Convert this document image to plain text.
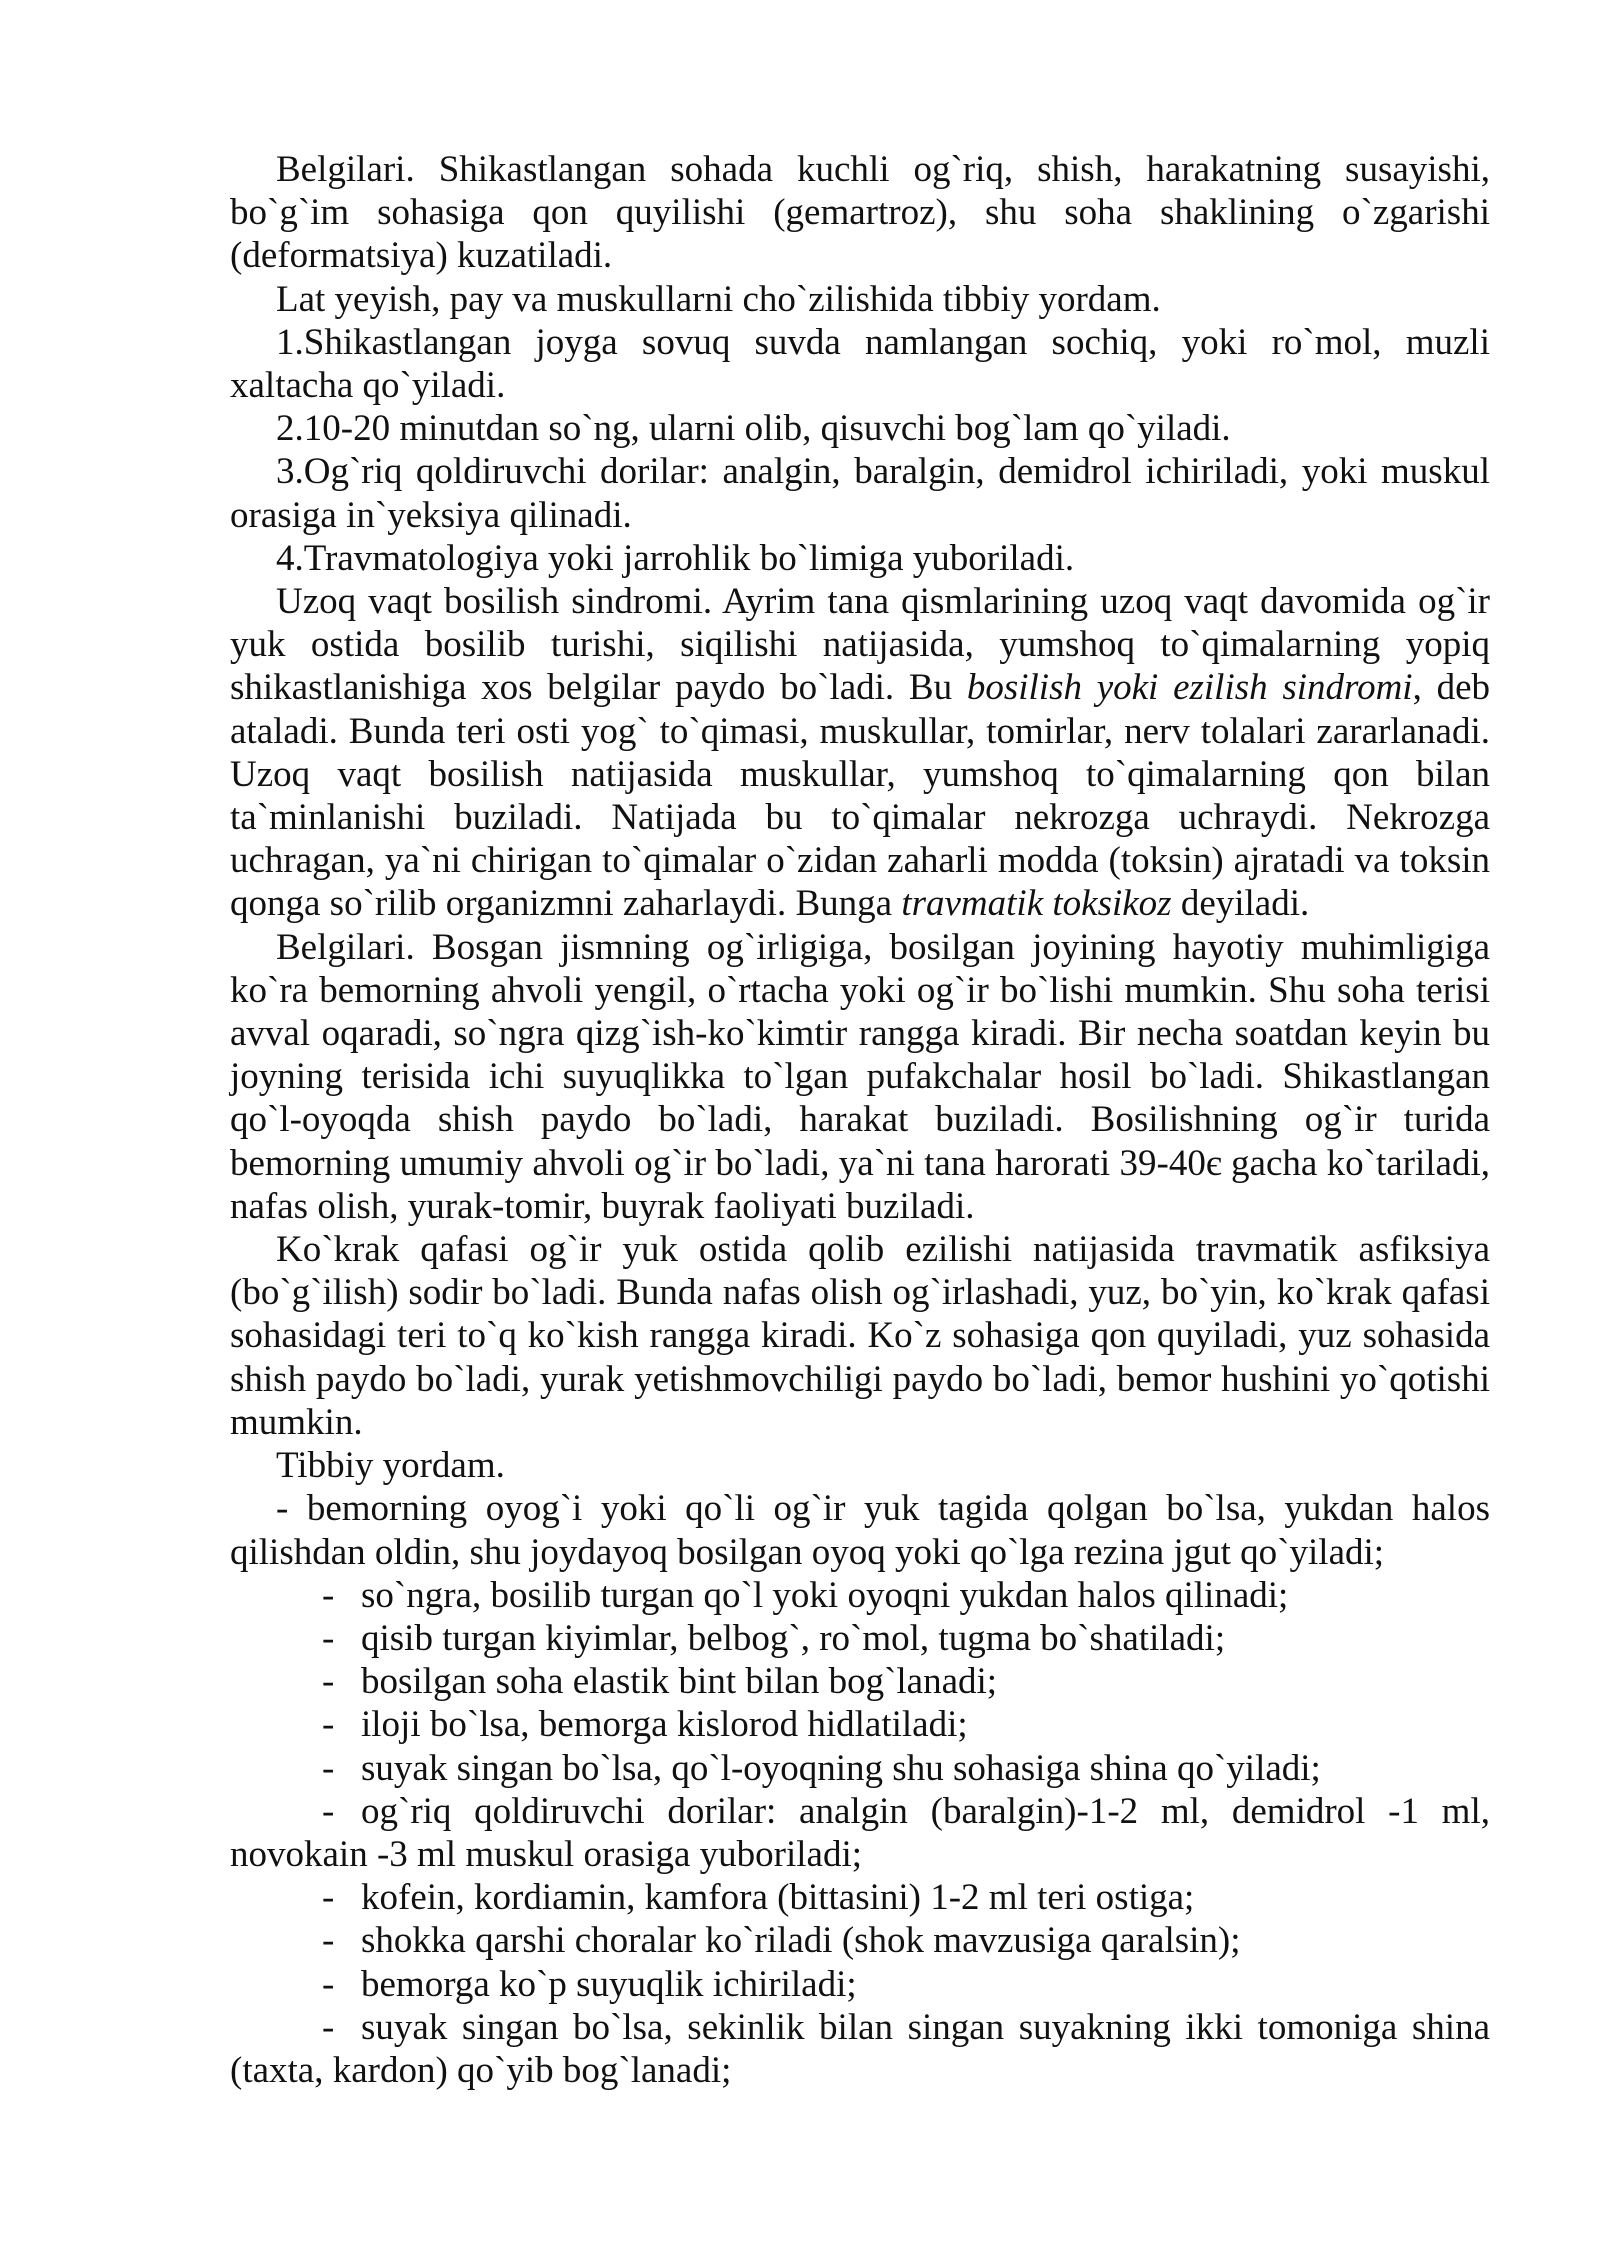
Belgilari. Shikastlangan sohada kuchli og`riq, shish, harakatning susayishi, bo`g`im sohasiga qon quyilishi (gemartroz), shu soha shaklining o`zgarishi (deformatsiya) kuzatiladi.

Lat yeyish, pay va muskullarni cho`zilishida tibbiy yordam.

1.Shikastlangan joyga sovuq suvda namlangan sochiq, yoki ro`mol, muzli xaltacha qo`yiladi.

2.10-20 minutdan so`ng, ularni olib, qisuvchi bog`lam qo`yiladi.

3.Og`riq qoldiruvchi dorilar: analgin, baralgin, demidrol ichiriladi, yoki muskul orasiga in`yeksiya qilinadi.

4.Travmatologiya yoki jarrohlik bo`limiga yuboriladi.

Uzoq vaqt bosilish sindromi. Ayrim tana qismlarining uzoq vaqt davomida og`ir yuk ostida bosilib turishi, siqilishi natijasida, yumshoq to`qimalarning yopiq shikastlanishiga xos belgilar paydo bo`ladi. Bu bosilish yoki ezilish sindromi, deb ataladi. Bunda teri osti yog` to`qimasi, muskullar, tomirlar, nerv tolalari zararlanadi. Uzoq vaqt bosilish natijasida muskullar, yumshoq to`qimalarning qon bilan ta`minlanishi buziladi. Natijada bu to`qimalar nekrozga uchraydi. Nekrozga uchragan, ya`ni chirigan to`qimalar o`zidan zaharli modda (toksin) ajratadi va toksin qonga so`rilib organizmni zaharlaydi. Bunga travmatik toksikoz deyiladi.

Belgilari. Bosgan jismning og`irligiga, bosilgan joyining hayotiy muhimligiga ko`ra bemorning ahvoli yengil, o`rtacha yoki og`ir bo`lishi mumkin. Shu soha terisi avval oqaradi, so`ngra qizg`ish-ko`kimtir rangga kiradi. Bir necha soatdan keyin bu joyning terisida ichi suyuqlikka to`lgan pufakchalar hosil bo`ladi. Shikastlangan qo`l-oyoqda shish paydo bo`ladi, harakat buziladi. Bosilishning og`ir turida bemorning umumiy ahvoli og`ir bo`ladi, ya`ni tana harorati 39-40є gacha ko`tariladi, nafas olish, yurak-tomir, buyrak faoliyati buziladi.

Ko`krak qafasi og`ir yuk ostida qolib ezilishi natijasida travmatik asfiksiya (bo`g`ilish) sodir bo`ladi. Bunda nafas olish og`irlashadi, yuz, bo`yin, ko`krak qafasi sohasidagi teri to`q ko`kish rangga kiradi. Ko`z sohasiga qon quyiladi, yuz sohasida shish paydo bo`ladi, yurak yetishmovchiligi paydo bo`ladi, bemor hushini yo`qotishi mumkin.

Tibbiy yordam.

- bemorning oyog`i yoki qo`li og`ir yuk tagida qolgan bo`lsa, yukdan halos qilishdan oldin, shu joydayoq bosilgan oyoq yoki qo`lga rezina jgut qo`yiladi;

- so`ngra, bosilib turgan qo`l yoki oyoqni yukdan halos qilinadi;

- qisib turgan kiyimlar, belbog`, ro`mol, tugma bo`shatiladi;

- bosilgan soha elastik bint bilan bog`lanadi;

- iloji bo`lsa, bemorga kislorod hidlatiladi;

- suyak singan bo`lsa, qo`l-oyoqning shu sohasiga shina qo`yiladi;

- og`riq qoldiruvchi dorilar: analgin (baralgin)-1-2 ml, demidrol -1 ml, novokain -3 ml muskul orasiga yuboriladi;

- kofein, kordiamin, kamfora (bittasini) 1-2 ml teri ostiga;

- shokka qarshi choralar ko`riladi (shok mavzusiga qaralsin);

- bemorga ko`p suyuqlik ichiriladi;

- suyak singan bo`lsa, sekinlik bilan singan suyakning ikki tomoniga shina (taxta, kardon) qo`yib bog`lanadi;
